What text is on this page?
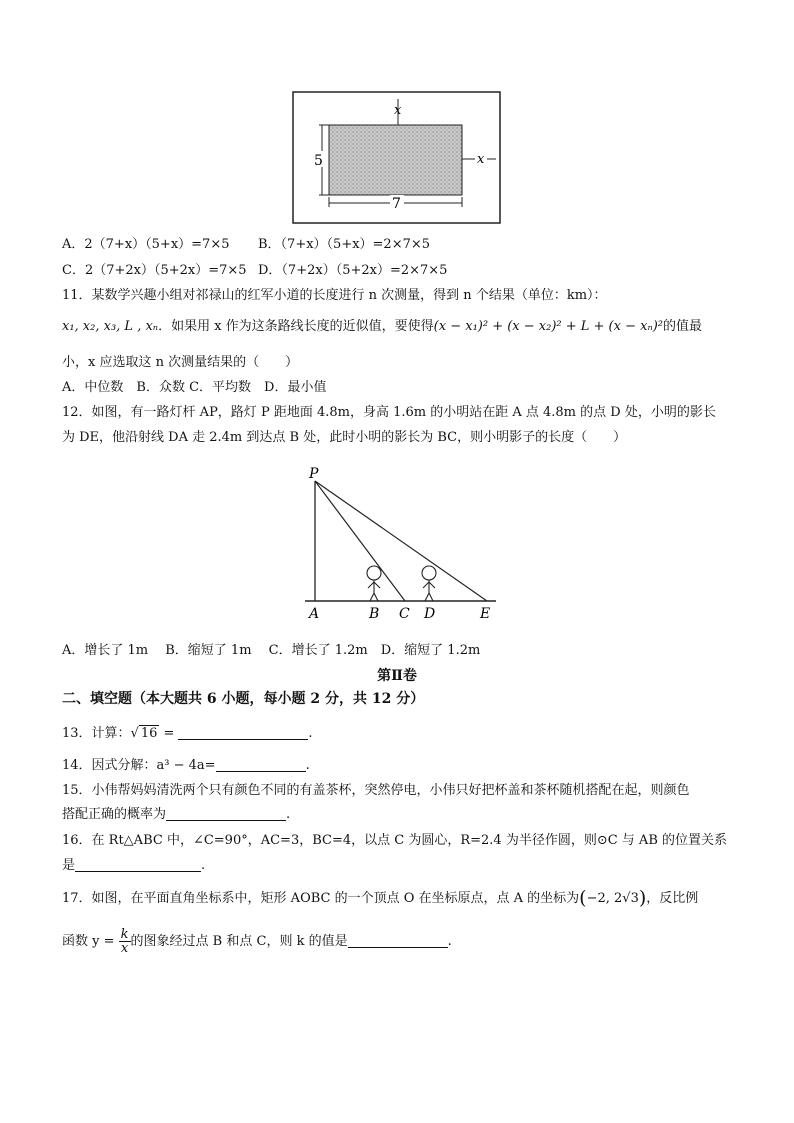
x
x
5
7
A．2（7+x）（5+x）=7×5 B．（7+x）（5+x）=2×7×5
C．2（7+2x）（5+2x）=7×5 D．（7+2x）（5+2x）=2×7×5
11．某数学兴趣小组对祁禄山的红军小道的长度进行 n 次测量，得到 n 个结果（单位：km）：
x₁, x₂, x₃, L , xₙ．如果用 x 作为这条路线长度的近似值，要使得(x − x₁)² + (x − x₂)² + L + (x − xₙ)²的值最
小，x 应选取这 n 次测量结果的（　　）
A．中位数　B．众数 C．平均数　D．最小值
12．如图，有一路灯杆 AP，路灯 P 距地面 4.8m，身高 1.6m 的小明站在距 A 点 4.8m 的点 D 处，小明的影长
为 DE，他沿射线 DA 走 2.4m 到达点 B 处，此时小明的影长为 BC，则小明影子的长度（　　）
P
A	B C D	E
A．增长了 1m　 B．缩短了 1m　 C．增长了 1.2m　D．缩短了 1.2m
第Ⅱ卷
二、填空题（本大题共 6 小题，每小题 2 分，共 12 分）
13．计算：√ 16 =	.
14．因式分解：a³ − 4a=	.
15．小伟帮妈妈清洗两个只有颜色不同的有盖茶杯，突然停电，小伟只好把杯盖和茶杯随机搭配在起，则颜色
搭配正确的概率为	.
16．在 Rt△ABC 中，∠C=90°，AC=3，BC=4，以点 C 为圆心，R=2.4 为半径作圆，则⊙C 与 AB 的位置关系
是	.
17．如图，在平面直角坐标系中，矩形 AOBC 的一个顶点 O 在坐标原点，点 A 的坐标为(−2, 2√3)，反比例
函数 $y = \frac{k}{x}$ 的图象经过点 B 和点 C，则 k 的值是	.
